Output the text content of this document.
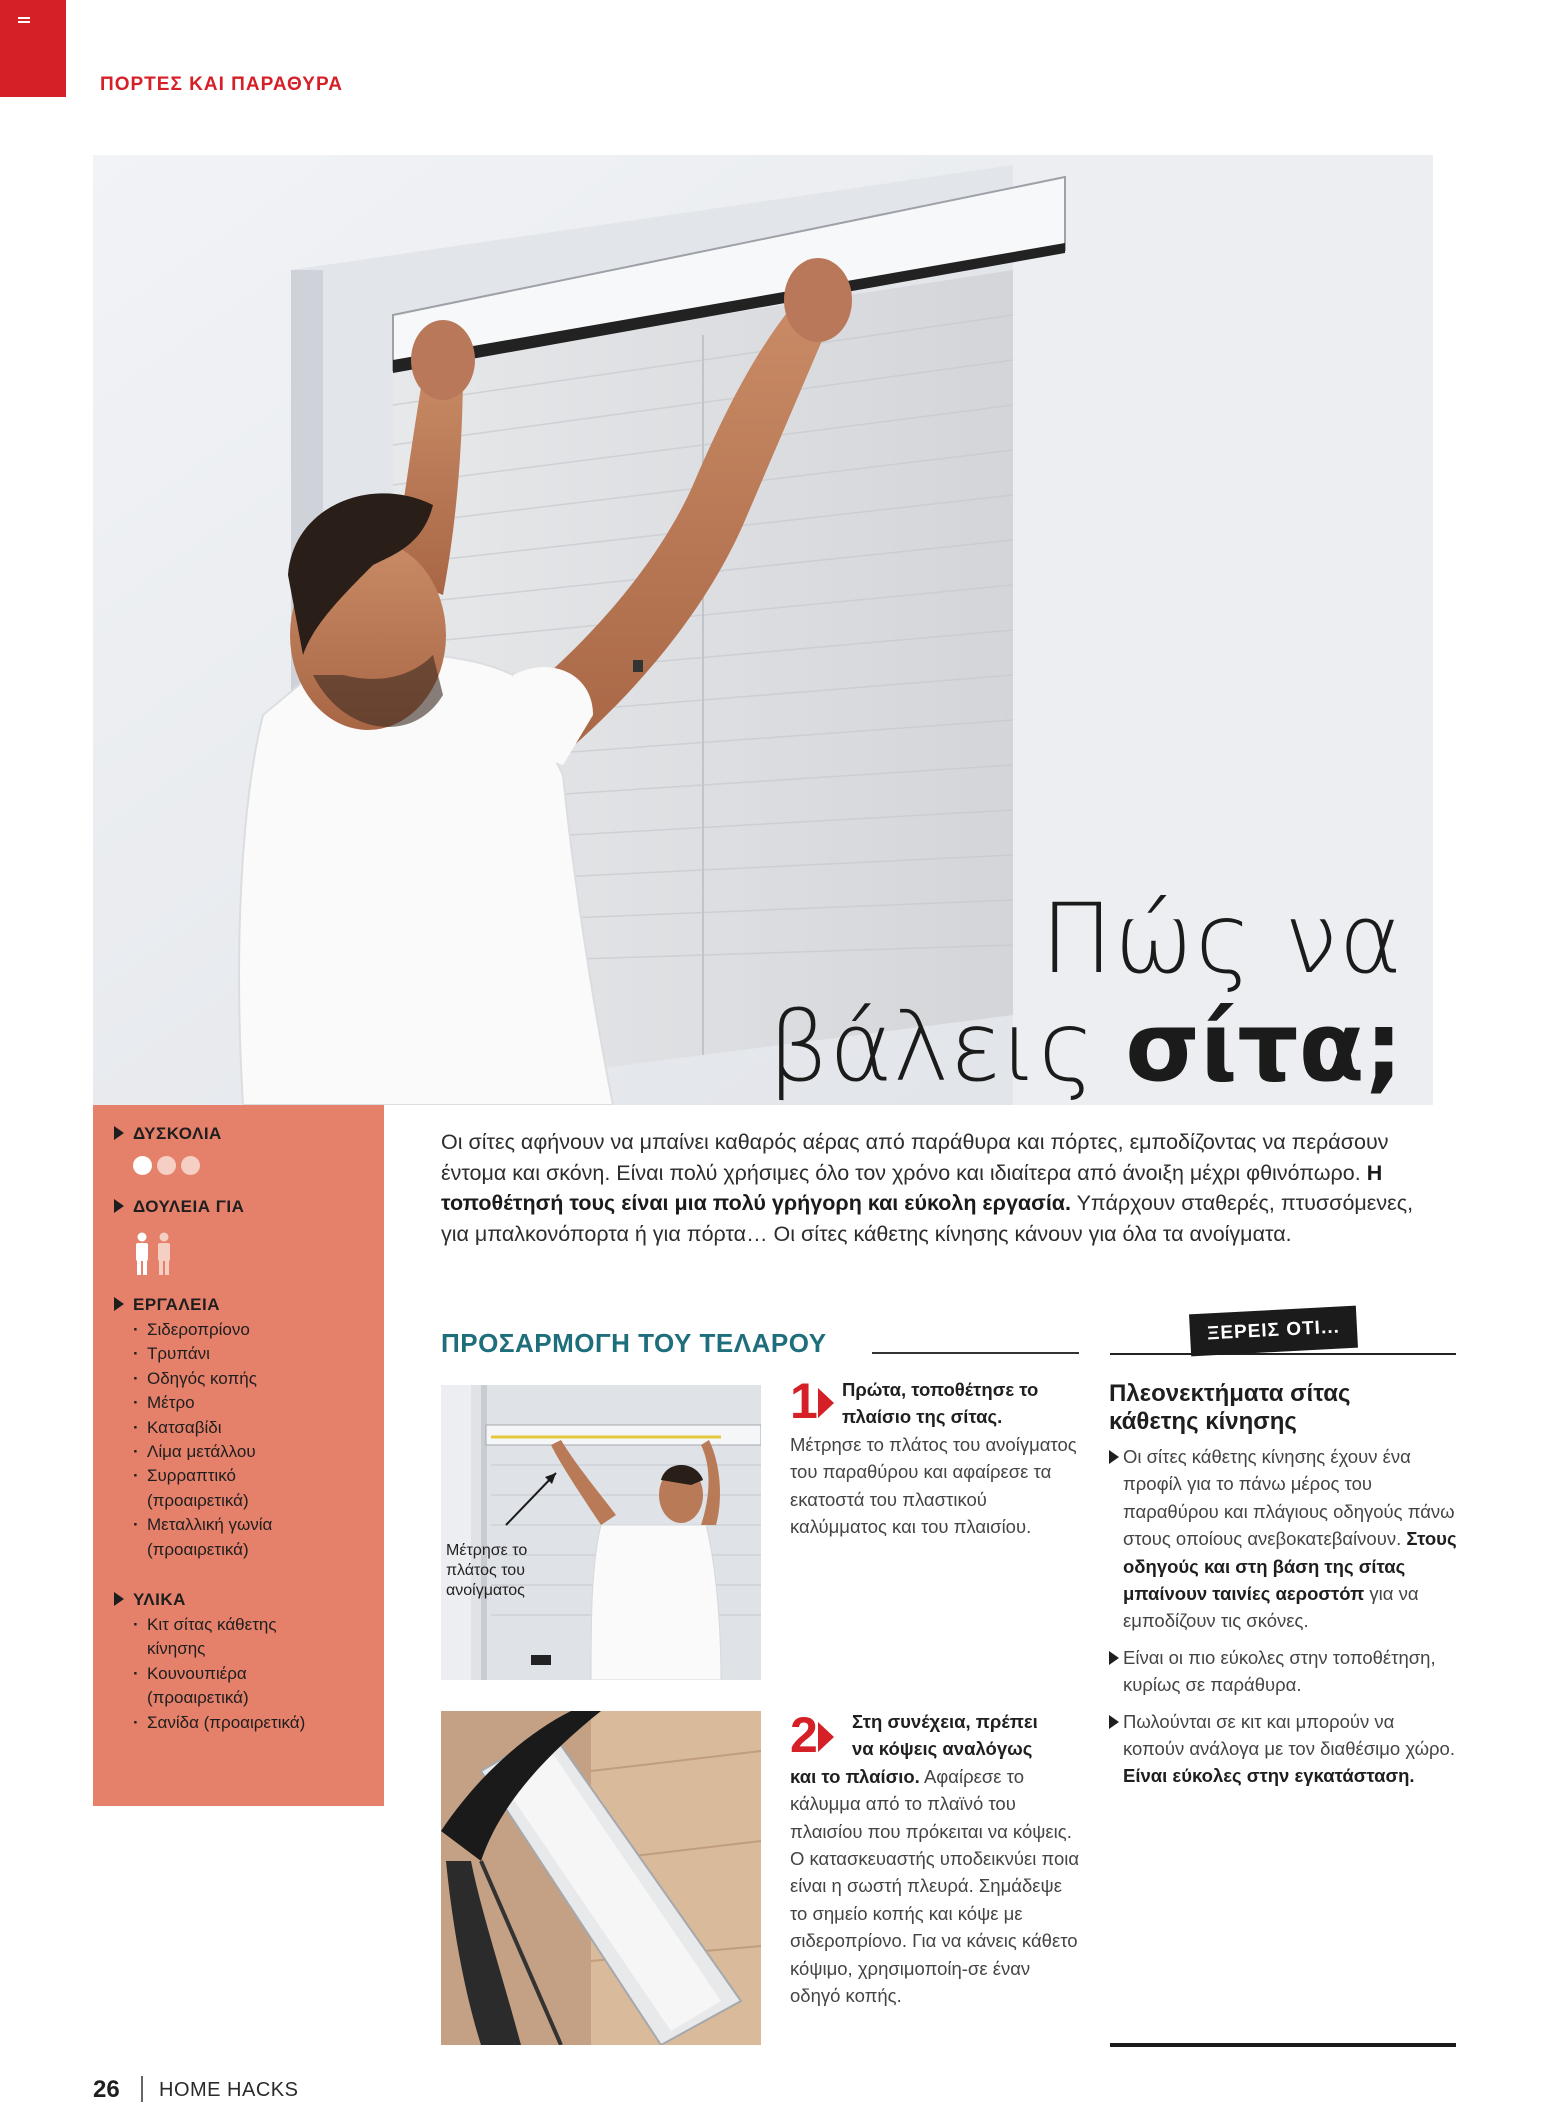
ΠΟΡΤΕΣ ΚΑΙ ΠΑΡΑΘΥΡΑ
Πώς να
βάλεις σίτα;
ΔΥΣΚΟΛΙΑ
ΔΟΥΛΕΙΑ ΓΙΑ
ΕΡΓΑΛΕΙΑ
· Σιδεροπρίονο
· Τρυπάνι
· Οδηγός κοπής
· Μέτρο
· Κατσαβίδι
· Λίμα μετάλλου
· Συρραπτικό
(προαιρετικά)
· Μεταλλική γωνία
(προαιρετικά)
ΥΛΙΚΑ
· Κιτ σίτας κάθετης
κίνησης
· Κουνουπιέρα
(προαιρετικά)
· Σανίδα (προαιρετικά)
Οι σίτες αφήνουν να μπαίνει καθαρός αέρας από παράθυρα και πόρτες, εμποδίζοντας να περάσουν έντομα και σκόνη. Είναι πολύ χρήσιμες όλο τον χρόνο και ιδιαίτερα από άνοιξη μέχρι φθινόπωρο. Η τοποθέτησή τους είναι μια πολύ γρήγορη και εύκολη εργασία. Υπάρχουν σταθερές, πτυσσόμενες, για μπαλκονόπορτα ή για πόρτα… Οι σίτες κάθετης κίνησης κάνουν για όλα τα ανοίγματα.
ΠΡΟΣΑΡΜΟΓΗ ΤΟΥ ΤΕΛΑΡΟΥ
Μέτρησε το
πλάτος του
ανοίγματος
1	Πρώτα, τοποθέτησε το
πλαίσιο της σίτας.
Μέτρησε το πλάτος του ανοίγματος του παραθύρου και αφαίρεσε τα εκατοστά του πλαστικού καλύμματος και του πλαισίου.
2	Στη συνέχεια, πρέπει
να κόψεις αναλόγως
και το πλαίσιο. Αφαίρεσε το κάλυμμα από το πλαϊνό του πλαισίου που πρόκειται να κόψεις. Ο κατασκευαστής υποδεικνύει ποια είναι η σωστή πλευρά. Σημάδεψε το σημείο κοπής και κόψε με σιδεροπρίονο. Για να κάνεις κάθετο κόψιμο, χρησιμοποίη-σε έναν οδηγό κοπής.
ΞΕΡΕΙΣ ΟΤΙ...
Πλεονεκτήματα σίτας
κάθετης κίνησης
Οι σίτες κάθετης κίνησης έχουν ένα προφίλ για το πάνω μέρος του παραθύρου και πλάγιους οδηγούς πάνω στους οποίους ανεβοκατεβαίνουν. Στους οδηγούς και στη βάση της σίτας μπαίνουν ταινίες αεροστόπ για να εμποδίζουν τις σκόνες.
Είναι οι πιο εύκολες στην τοποθέτηση, κυρίως σε παράθυρα.
Πωλούνται σε κιτ και μπορούν να κοπούν ανάλογα με τον διαθέσιμο χώρο. Είναι εύκολες στην εγκατάσταση.
26 HOME HACKS
